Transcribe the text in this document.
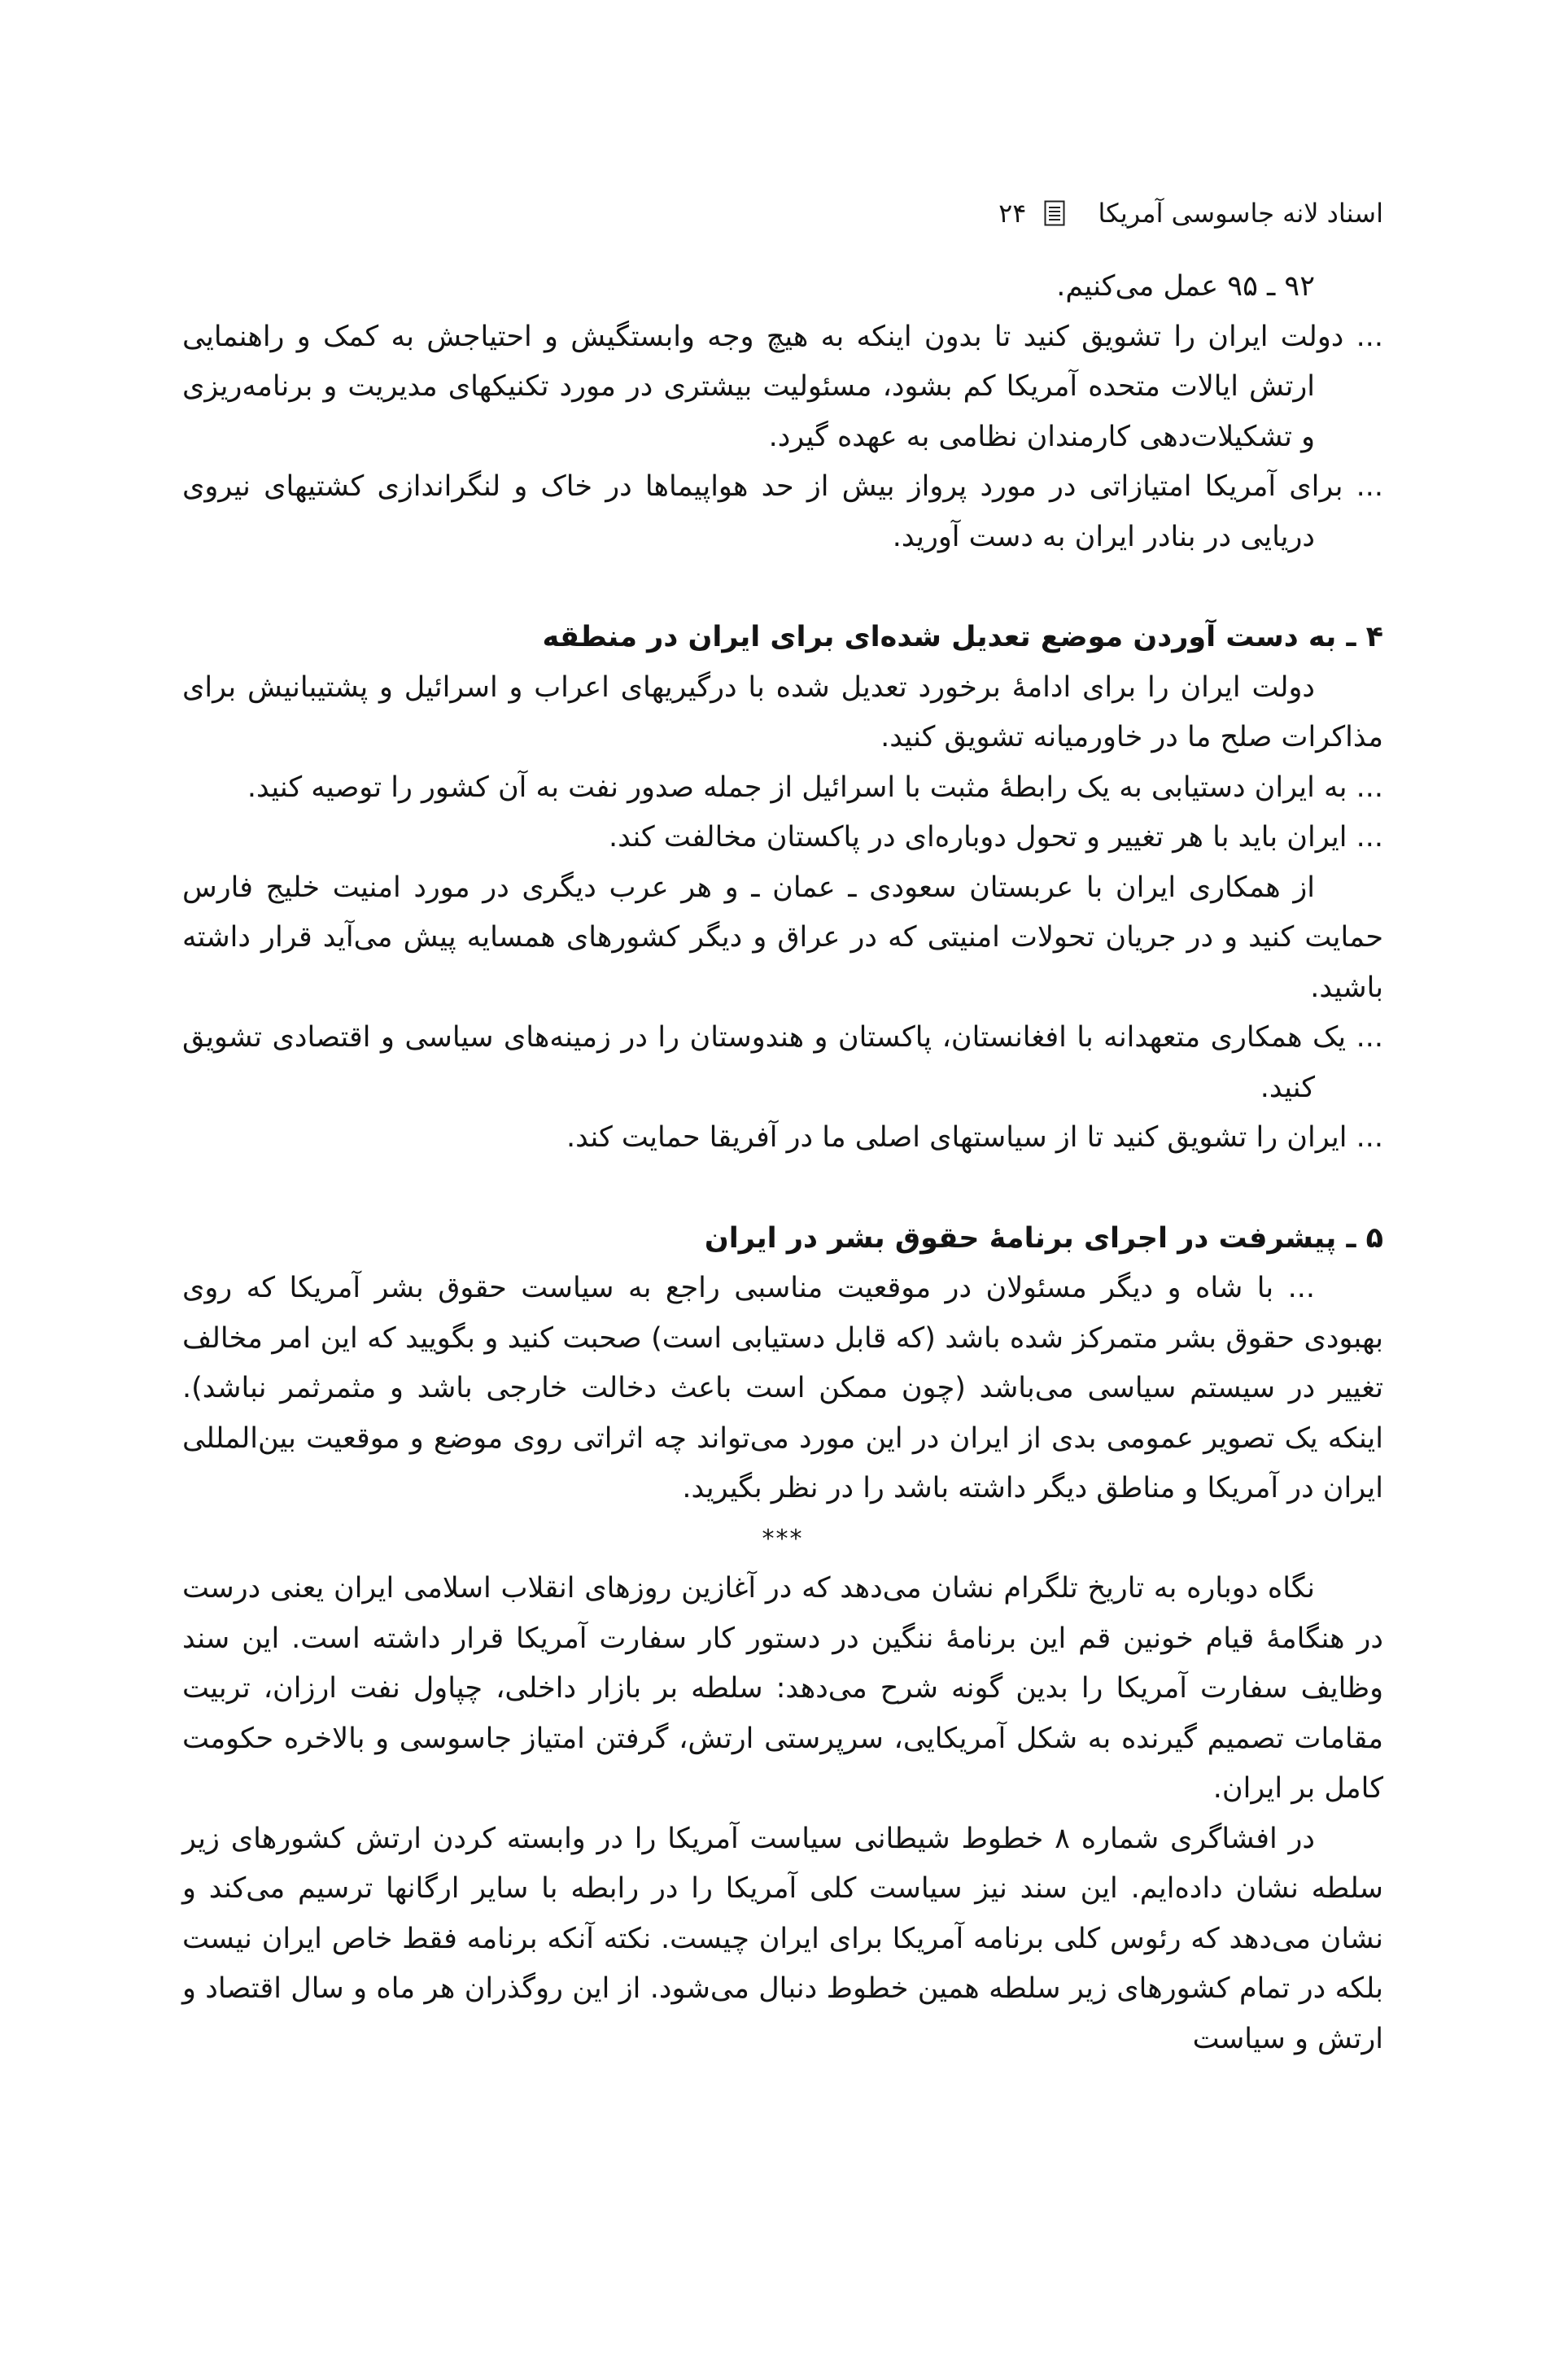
اسناد لانه جاسوسی آمریکا
۲۴

۹۲ ـ ۹۵ عمل می‌کنیم.

... دولت ایران را تشویق کنید تا بدون اینکه به هیچ وجه وابستگیش و احتیاجش به کمک و راهنمایی ارتش ایالات متحده آمریکا کم بشود، مسئولیت بیشتری در مورد تکنیکهای مدیریت و برنامه‌ریزی و تشکیلات‌دهی کارمندان نظامی به عهده گیرد.

... برای آمریکا امتیازاتی در مورد پرواز بیش از حد هواپیماها در خاک و لنگراندازی کشتیهای نیروی دریایی در بنادر ایران به دست آورید.

۴ ـ به دست آوردن موضع تعدیل شده‌ای برای ایران در منطقه

دولت ایران را برای ادامهٔ برخورد تعدیل شده با درگیریهای اعراب و اسرائیل و پشتیبانیش برای مذاکرات صلح ما در خاورمیانه تشویق کنید.

... به ایران دستیابی به یک رابطهٔ مثبت با اسرائیل از جمله صدور نفت به آن کشور را توصیه کنید.

... ایران باید با هر تغییر و تحول دوباره‌ای در پاکستان مخالفت کند.

از همکاری ایران با عربستان سعودی ـ عمان ـ و هر عرب دیگری در مورد امنیت خلیج فارس حمایت کنید و در جریان تحولات امنیتی که در عراق و دیگر کشورهای همسایه پیش می‌آید قرار داشته باشید.

... یک همکاری متعهدانه با افغانستان، پاکستان و هندوستان را در زمینه‌های سیاسی و اقتصادی تشویق کنید.

... ایران را تشویق کنید تا از سیاستهای اصلی ما در آفریقا حمایت کند.

۵ ـ پیشرفت در اجرای برنامهٔ حقوق بشر در ایران

... با شاه و دیگر مسئولان در موقعیت مناسبی راجع به سیاست حقوق بشر آمریکا که روی بهبودی حقوق بشر متمرکز شده باشد (که قابل دستیابی است) صحبت کنید و بگویید که این امر مخالف تغییر در سیستم سیاسی می‌باشد (چون ممکن است باعث دخالت خارجی باشد و مثمرثمر نباشد). اینکه یک تصویر عمومی بدی از ایران در این مورد می‌تواند چه اثراتی روی موضع و موقعیت بین‌المللی ایران در آمریکا و مناطق دیگر داشته باشد را در نظر بگیرید.

***

نگاه دوباره به تاریخ تلگرام نشان می‌دهد که در آغازین روزهای انقلاب اسلامی ایران یعنی درست در هنگامهٔ قیام خونین قم این برنامهٔ ننگین در دستور کار سفارت آمریکا قرار داشته است. این سند وظایف سفارت آمریکا را بدین گونه شرح می‌دهد: سلطه بر بازار داخلی، چپاول نفت ارزان، تربیت مقامات تصمیم گیرنده به شکل آمریکایی، سرپرستی ارتش، گرفتن امتیاز جاسوسی و بالاخره حکومت کامل بر ایران.

در افشاگری شماره ۸ خطوط شیطانی سیاست آمریکا را در وابسته کردن ارتش کشورهای زیر سلطه نشان داده‌ایم. این سند نیز سیاست کلی آمریکا را در رابطه با سایر ارگانها ترسیم می‌کند و نشان می‌دهد که رئوس کلی برنامه آمریکا برای ایران چیست. نکته آنکه برنامه فقط خاص ایران نیست بلکه در تمام کشورهای زیر سلطه همین خطوط دنبال می‌شود. از این روگذران هر ماه و سال اقتصاد و ارتش و سیاست
